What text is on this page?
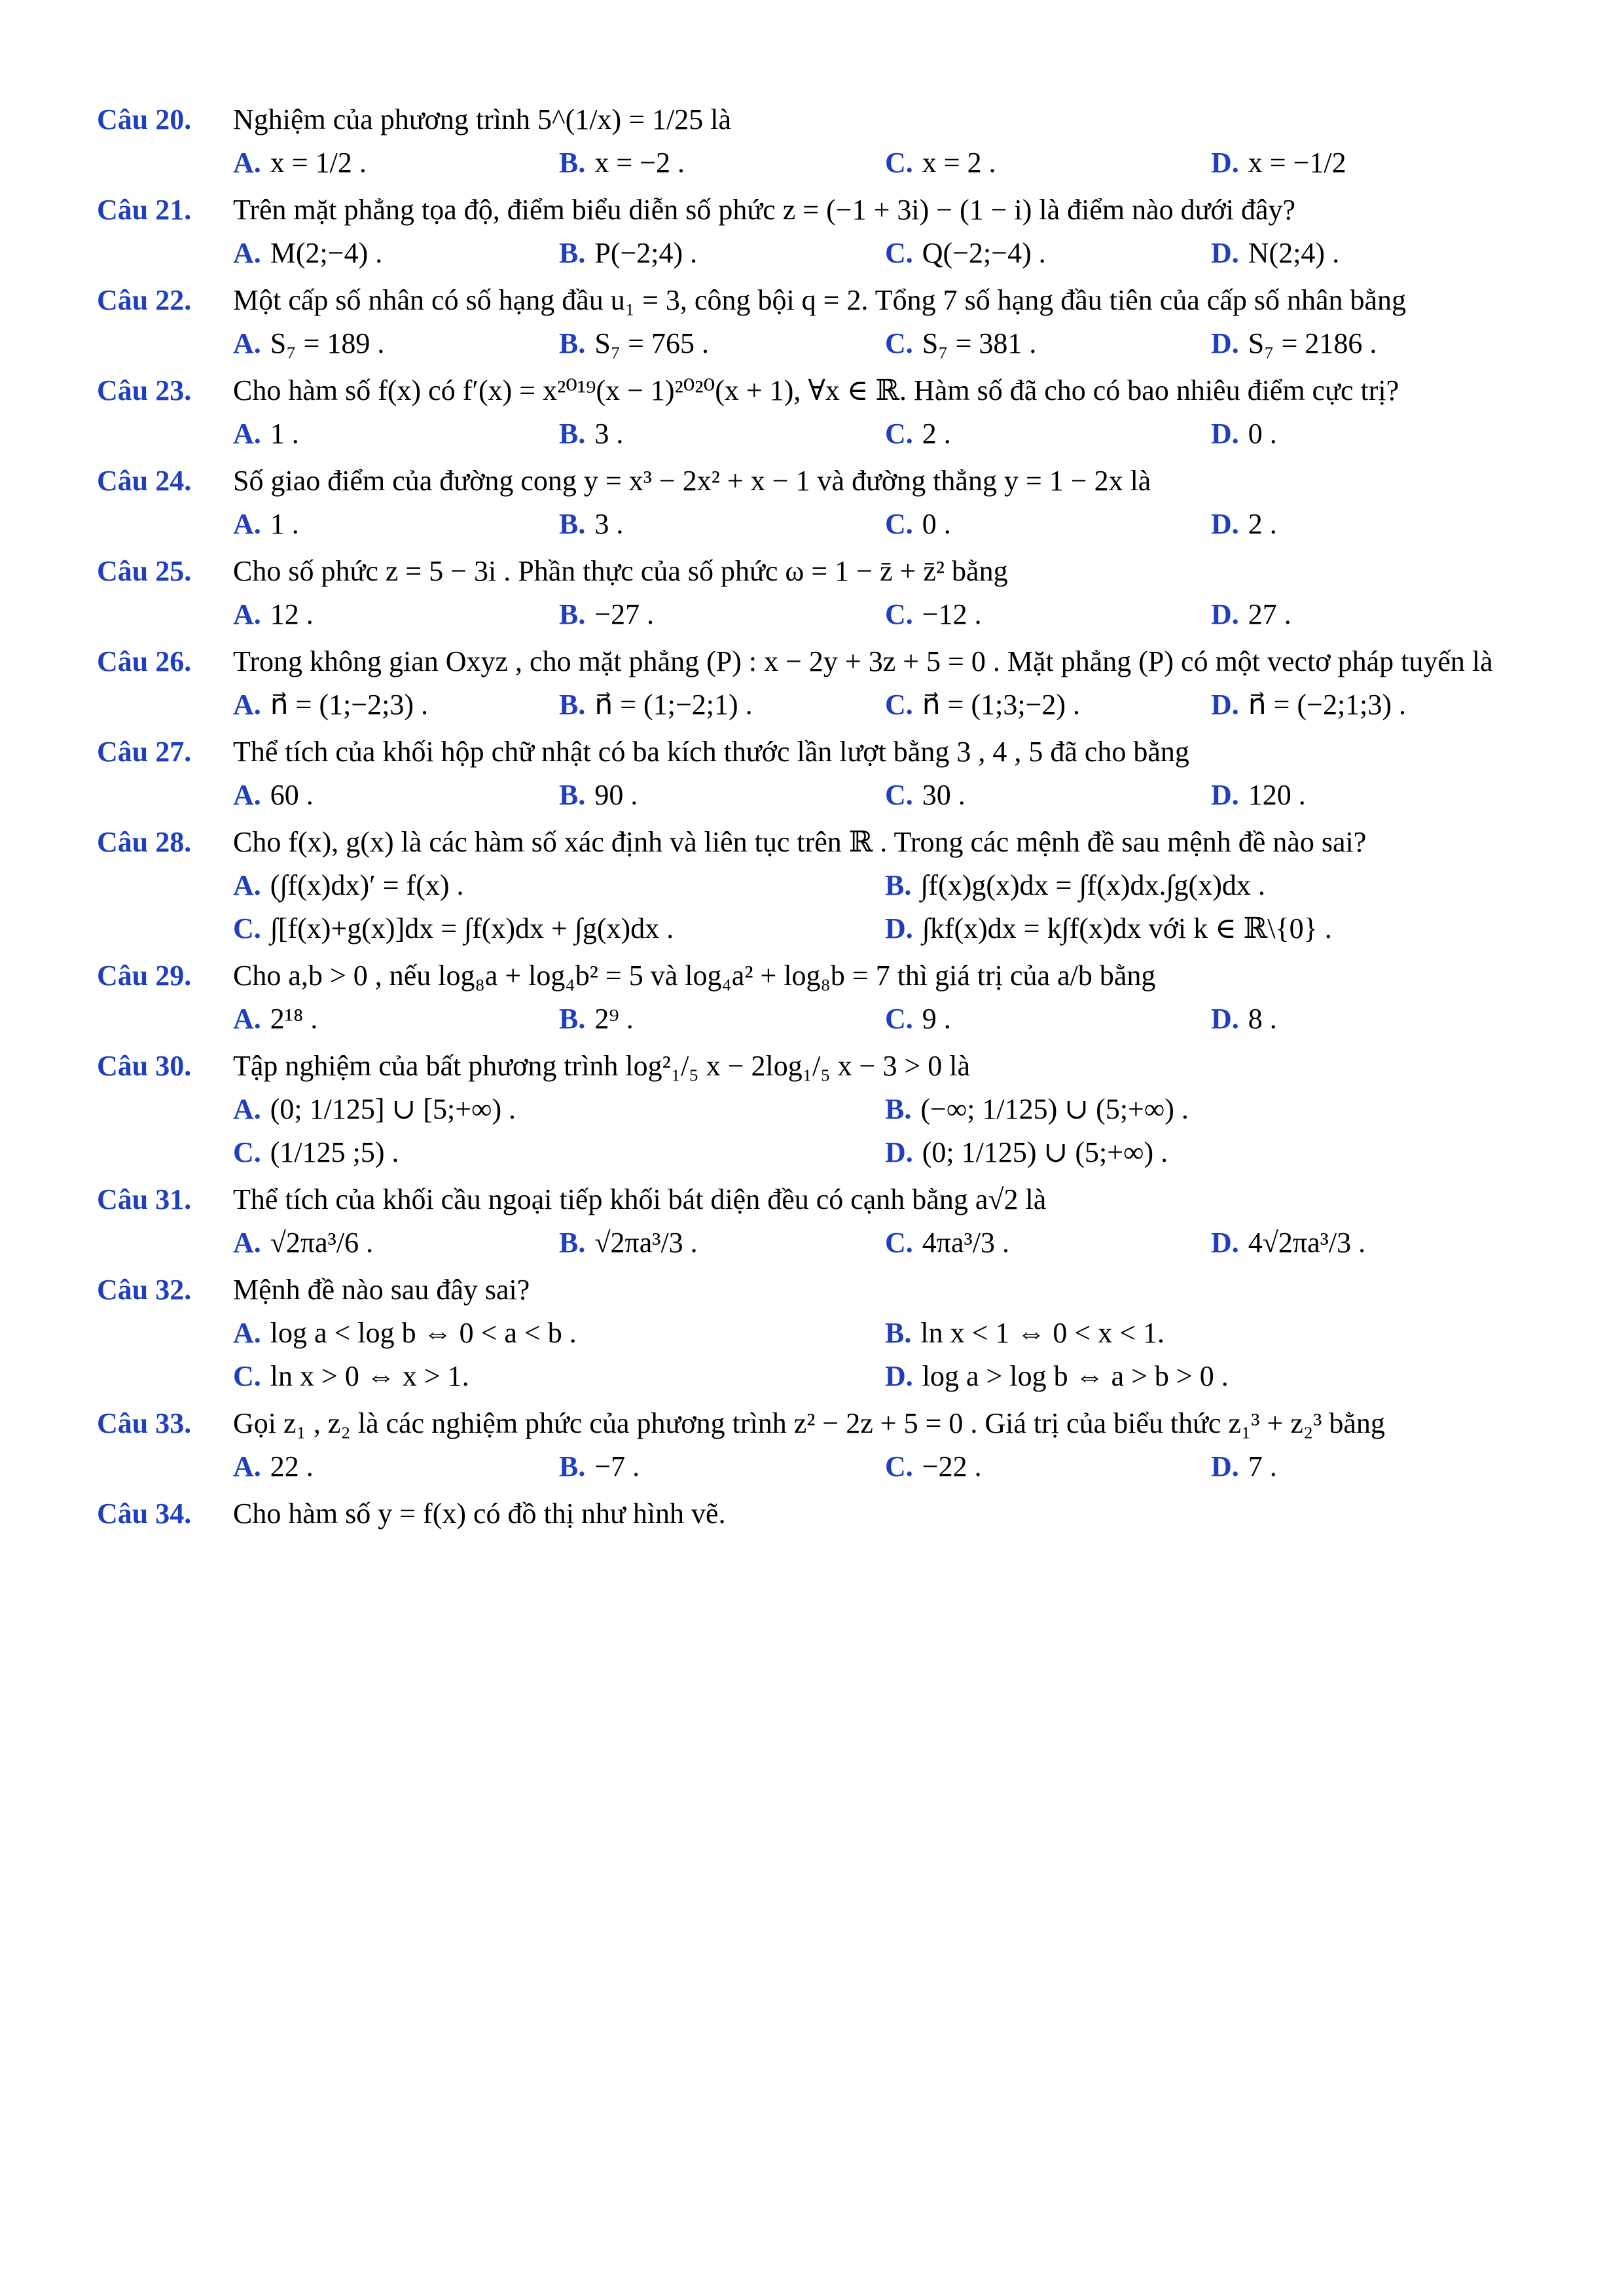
Câu 20.	Nghiệm của phương trình 5^(1/x) = 1/25 là
A. x = 1/2 .	B. x = −2 .	C. x = 2 .	D. x = −1/2
Câu 21.	Trên mặt phẳng tọa độ, điểm biểu diễn số phức z = (−1 + 3i) − (1 − i) là điểm nào dưới đây?
A. M(2;−4) .	B. P(−2;4) .	C. Q(−2;−4) .	D. N(2;4) .
Câu 22.	Một cấp số nhân có số hạng đầu u₁ = 3, công bội q = 2. Tổng 7 số hạng đầu tiên của cấp số nhân bằng
A. S₇ = 189 .	B. S₇ = 765 .	C. S₇ = 381 .	D. S₇ = 2186 .
Câu 23.	Cho hàm số f(x) có f′(x) = x²⁰¹⁹(x − 1)²⁰²⁰(x + 1), ∀x ∈ ℝ. Hàm số đã cho có bao nhiêu điểm cực trị?
A. 1 .	B. 3 .	C. 2 .	D. 0 .
Câu 24.	Số giao điểm của đường cong y = x³ − 2x² + x − 1 và đường thẳng y = 1 − 2x là
A. 1 .	B. 3 .	C. 0 .	D. 2 .
Câu 25.	Cho số phức z = 5 − 3i . Phần thực của số phức ω = 1 − z̄ + z̄² bằng
A. 12 .	B. −27 .	C. −12 .	D. 27 .
Câu 26.	Trong không gian Oxyz , cho mặt phẳng (P) : x − 2y + 3z + 5 = 0 . Mặt phẳng (P) có một vectơ pháp tuyến là
A. n⃗ = (1;−2;3) .	B. n⃗ = (1;−2;1) .	C. n⃗ = (1;3;−2) .	D. n⃗ = (−2;1;3) .
Câu 27.	Thể tích của khối hộp chữ nhật có ba kích thước lần lượt bằng 3 , 4 , 5 đã cho bằng
A. 60 .	B. 90 .	C. 30 .	D. 120 .
Câu 28.	Cho f(x), g(x) là các hàm số xác định và liên tục trên ℝ . Trong các mệnh đề sau mệnh đề nào sai?
A. (∫f(x)dx)′ = f(x) .	B. ∫f(x)g(x)dx = ∫f(x)dx.∫g(x)dx .
C. ∫[f(x)+g(x)]dx = ∫f(x)dx + ∫g(x)dx .	D. ∫kf(x)dx = k∫f(x)dx với k ∈ ℝ\{0} .
Câu 29.	Cho a,b > 0 , nếu log₈a + log₄b² = 5 và log₄a² + log₈b = 7 thì giá trị của a/b bằng
A. 2¹⁸ .	B. 2⁹ .	C. 9 .	D. 8 .
Câu 30.	Tập nghiệm của bất phương trình log²₁/₅ x − 2log₁/₅ x − 3 > 0 là
A. (0; 1/125] ∪ [5;+∞) .	B. (−∞; 1/125) ∪ (5;+∞) .
C. (1/125 ;5) .	D. (0; 1/125) ∪ (5;+∞) .
Câu 31.	Thể tích của khối cầu ngoại tiếp khối bát diện đều có cạnh bằng a√2 là
A. √2πa³/6 .	B. √2πa³/3 .	C. 4πa³/3 .	D. 4√2πa³/3 .
Câu 32.	Mệnh đề nào sau đây sai?
A. log a < log b ⇔ 0 < a < b .	B. ln x < 1 ⇔ 0 < x < 1.
C. ln x > 0 ⇔ x > 1.	D. log a > log b ⇔ a > b > 0 .
Câu 33.	Gọi z₁ , z₂ là các nghiệm phức của phương trình z² − 2z + 5 = 0 . Giá trị của biểu thức z₁³ + z₂³ bằng
A. 22 .	B. −7 .	C. −22 .	D. 7 .
Câu 34.	Cho hàm số y = f(x) có đồ thị như hình vẽ.
